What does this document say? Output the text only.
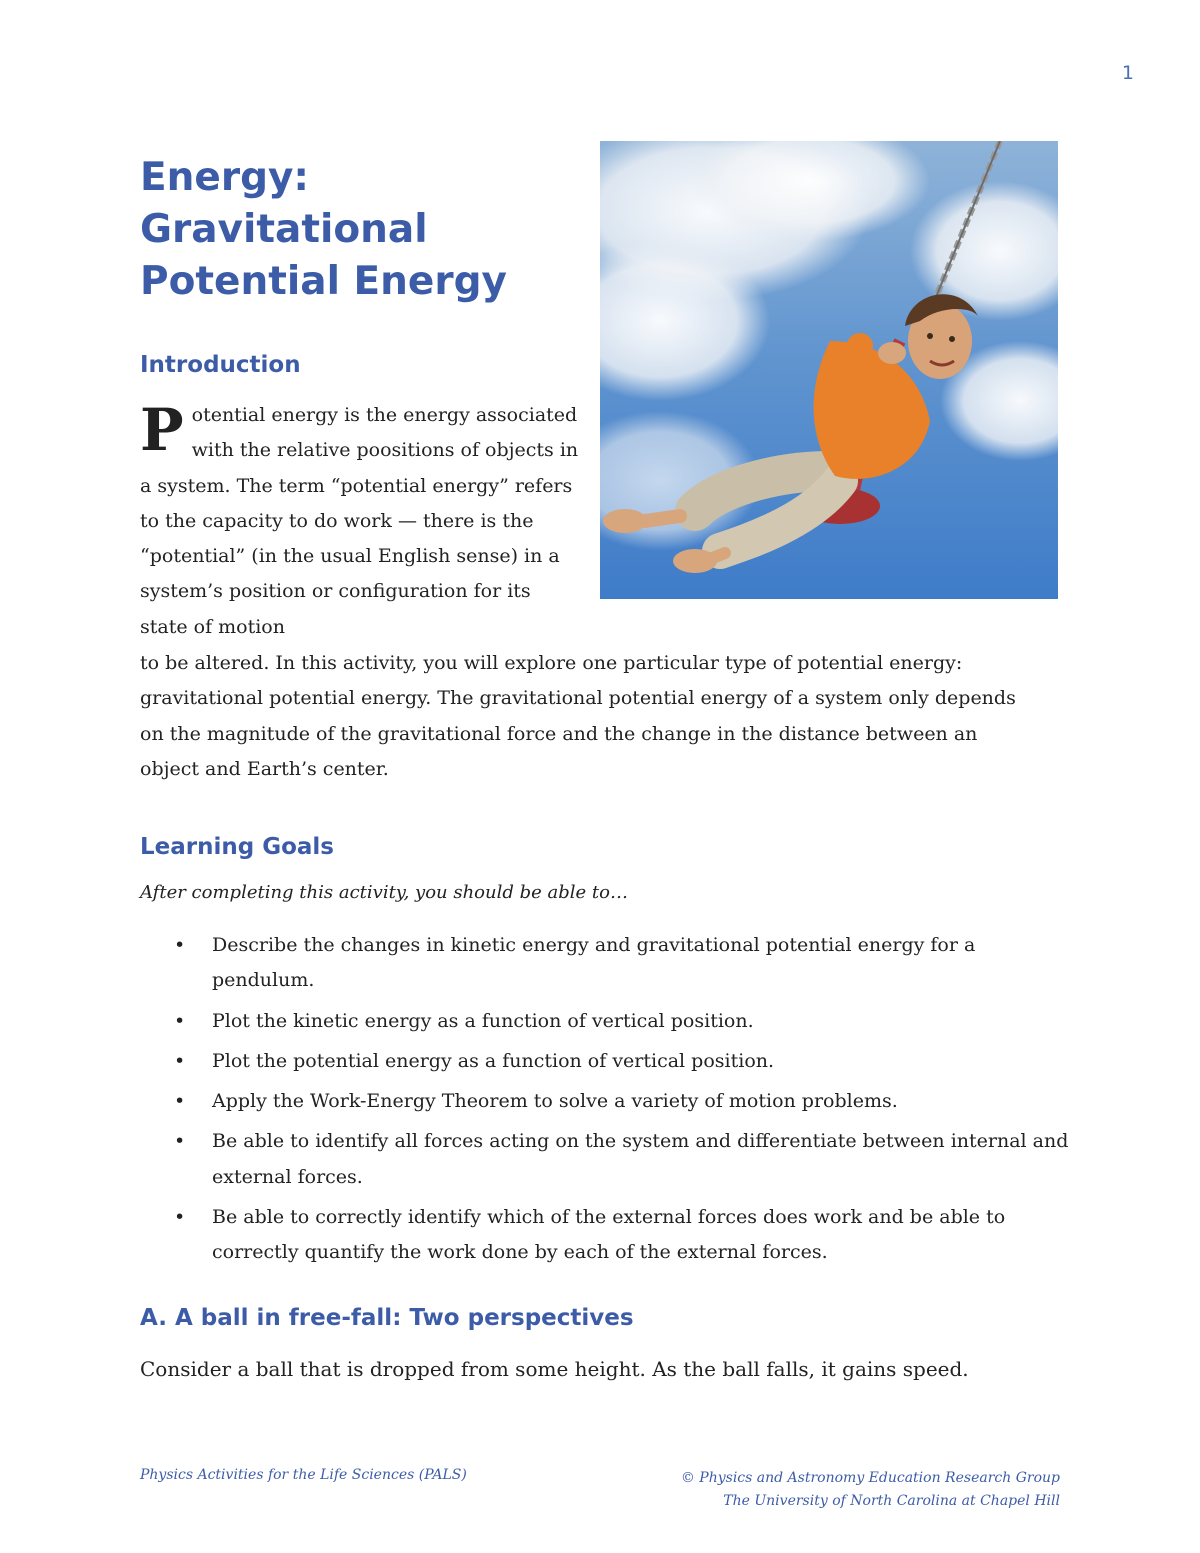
1
Energy:
Gravitational
Potential Energy
Introduction

Potential energy is the energy associated with the relative poositions of objects in a system. The term “potential energy” refers to the capacity to do work — there is the “potential” (in the usual English sense) in a system’s position or configuration for its state of motion

to be altered. In this activity, you will explore one particular type of potential energy: gravitational potential energy. The gravitational potential energy of a system only depends on the magnitude of the gravitational force and the change in the distance between an object and Earth’s center.

Learning Goals

After completing this activity, you should be able to…

• Describe the changes in kinetic energy and gravitational potential energy for a pendulum.
• Plot the kinetic energy as a function of vertical position.
• Plot the potential energy as a function of vertical position.
• Apply the Work-Energy Theorem to solve a variety of motion problems.
• Be able to identify all forces acting on the system and differentiate between internal and external forces.
• Be able to correctly identify which of the external forces does work and be able to correctly quantify the work done by each of the external forces.
A. A ball in free-fall: Two perspectives

Consider a ball that is dropped from some height. As the ball falls, it gains speed.

Physics Activities for the Life Sciences (PALS)	© Physics and Astronomy Education Research Group
The University of North Carolina at Chapel Hill
